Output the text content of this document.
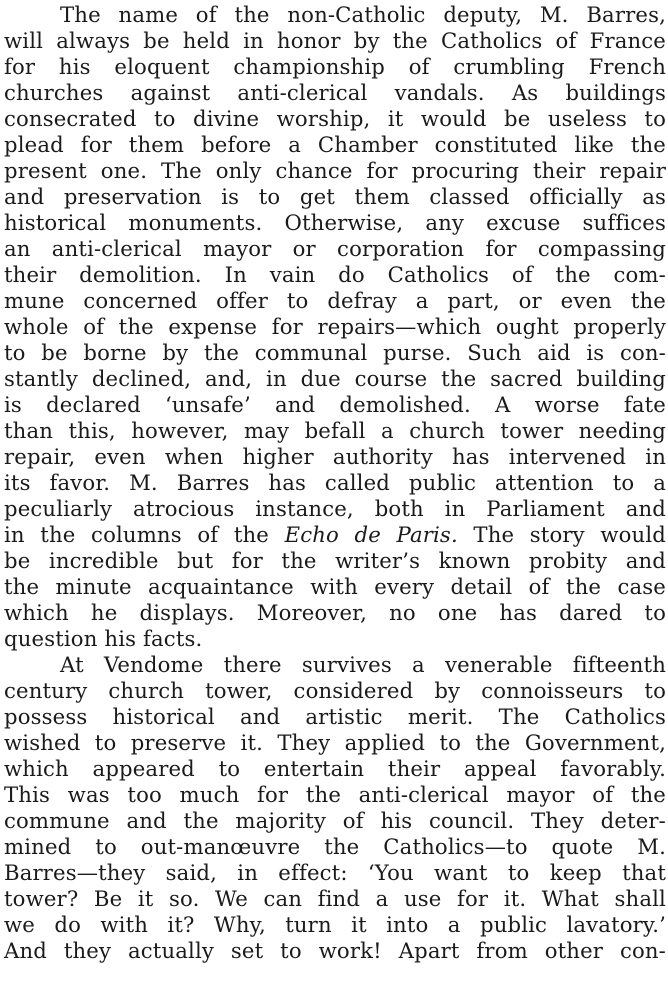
The name of the non-Catholic deputy, M. Barres,
will always be held in honor by the Catholics of France
for his eloquent championship of crumbling French
churches against anti-clerical vandals. As buildings
consecrated to divine worship, it would be useless to
plead for them before a Chamber constituted like the
present one. The only chance for procuring their repair
and preservation is to get them classed officially as
historical monuments. Otherwise, any excuse suffices
an anti-clerical mayor or corporation for compassing
their demolition. In vain do Catholics of the com-
mune concerned offer to defray a part, or even the
whole of the expense for repairs—which ought properly
to be borne by the communal purse. Such aid is con-
stantly declined, and, in due course the sacred building
is declared ‘unsafe’ and demolished. A worse fate
than this, however, may befall a church tower needing
repair, even when higher authority has intervened in
its favor. M. Barres has called public attention to a
peculiarly atrocious instance, both in Parliament and
in the columns of the Echo de Paris. The story would
be incredible but for the writer’s known probity and
the minute acquaintance with every detail of the case
which he displays. Moreover, no one has dared to
question his facts.
At Vendome there survives a venerable fifteenth
century church tower, considered by connoisseurs to
possess historical and artistic merit. The Catholics
wished to preserve it. They applied to the Government,
which appeared to entertain their appeal favorably.
This was too much for the anti-clerical mayor of the
commune and the majority of his council. They deter-
mined to out-manœuvre the Catholics—to quote M.
Barres—they said, in effect: ‘You want to keep that
tower? Be it so. We can find a use for it. What shall
we do with it? Why, turn it into a public lavatory.’
And they actually set to work! Apart from other con-
